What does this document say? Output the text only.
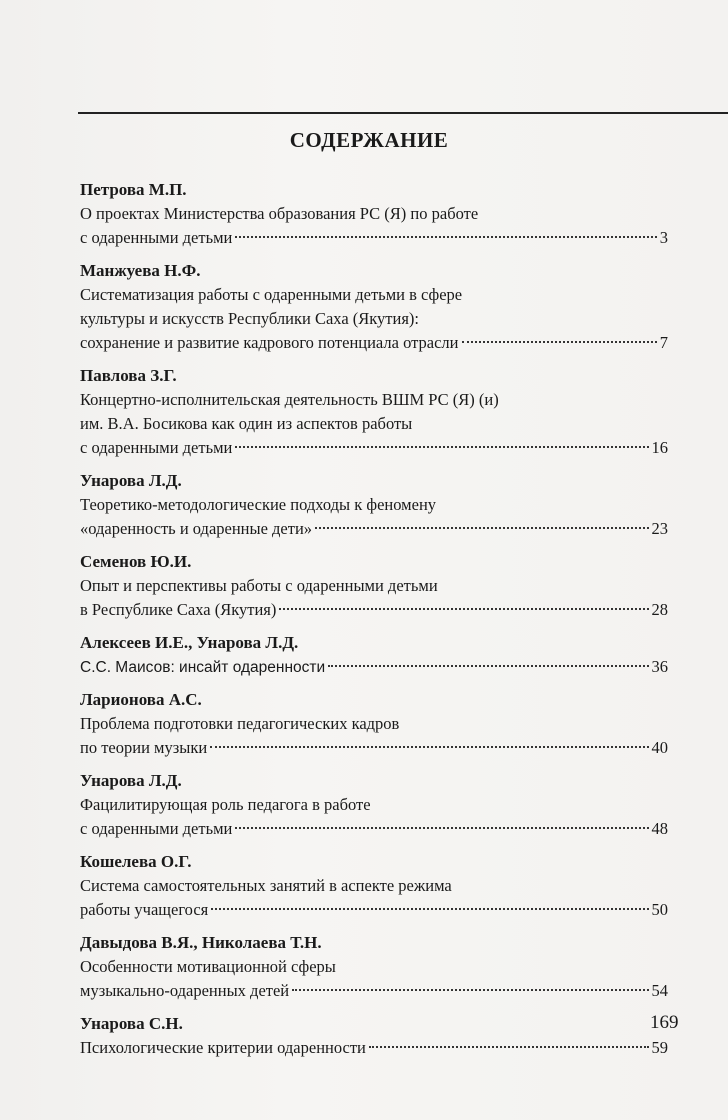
СОДЕРЖАНИЕ
Петрова М.П.
О проектах Министерства образования РС (Я) по работе
с одаренными детьми	3
Манжуева Н.Ф.
Систематизация работы с одаренными детьми в сфере
культуры и искусств Республики Саха (Якутия):
сохранение и развитие кадрового потенциала отрасли	7
Павлова З.Г.
Концертно-исполнительская деятельность ВШМ РС (Я) (и)
им. В.А. Босикова как один из аспектов работы
с одаренными детьми	16
Унарова Л.Д.
Теоретико-методологические подходы к феномену
«одаренность и одаренные дети»	23
Семенов Ю.И.
Опыт и перспективы работы с одаренными детьми
в Республике Саха (Якутия)	28
Алексеев И.Е., Унарова Л.Д.
С.С. Маисов: инсайт одаренности	36
Ларионова А.С.
Проблема подготовки педагогических кадров
по теории музыки	40
Унарова Л.Д.
Фацилитирующая роль педагога в работе
с одаренными детьми	48
Кошелева О.Г.
Система самостоятельных занятий в аспекте режима
работы учащегося	50
Давыдова В.Я., Николаева Т.Н.
Особенности мотивационной сферы
музыкально-одаренных детей	54
Унарова С.Н.
Психологические критерии одаренности	59
169
